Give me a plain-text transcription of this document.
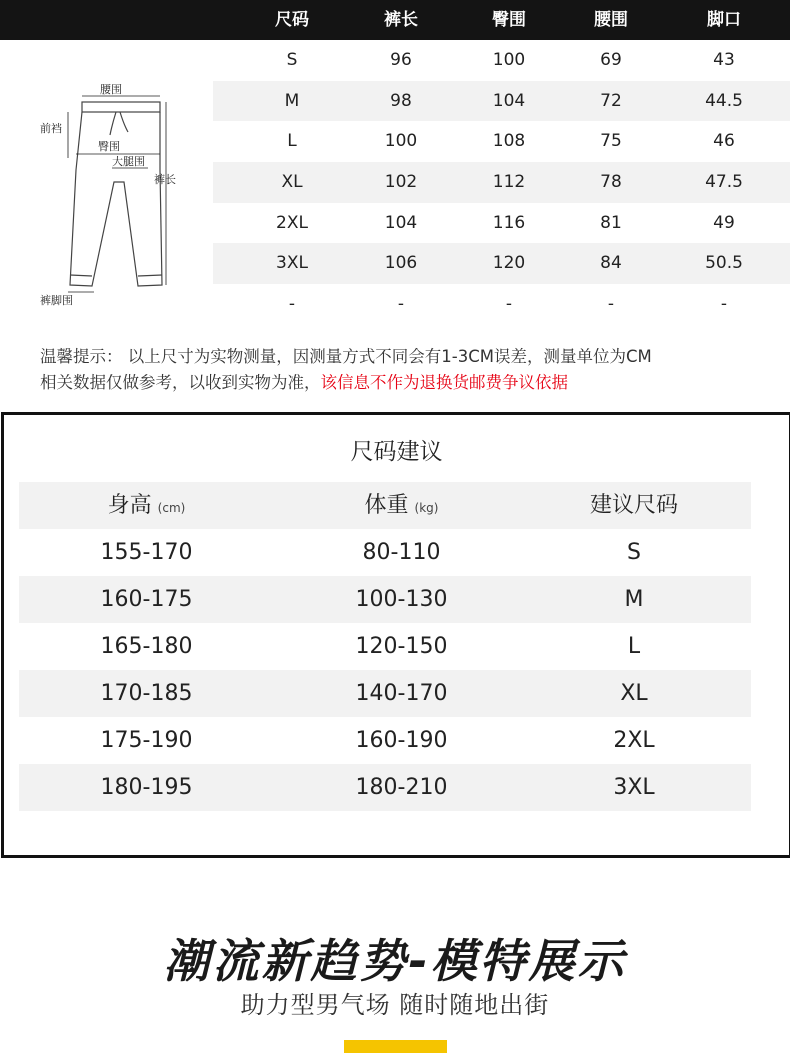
尺码	裤长	臀围	腰围	脚口
腰围
前裆
臀围
大腿围
裤长
裤脚围
S	96	100	69	43
M	98	104	72	44.5
L	100	108	75	46
XL	102	112	78	47.5
2XL	104	116	81	49
3XL	106	120	84	50.5
-	-	-	-	-
温馨提示： 以上尺寸为实物测量，因测量方式不同会有1-3CM误差，测量单位为CM
相关数据仅做参考，以收到实物为准，该信息不作为退换货邮费争议依据
尺码建议
身高 (cm)	体重 (kg)	建议尺码
155-170	80-110	S
160-175	100-130	M
165-180	120-150	L
170-185	140-170	XL
175-190	160-190	2XL
180-195	180-210	3XL
潮流新趋势-模特展示
助力型男气场 随时随地出街
